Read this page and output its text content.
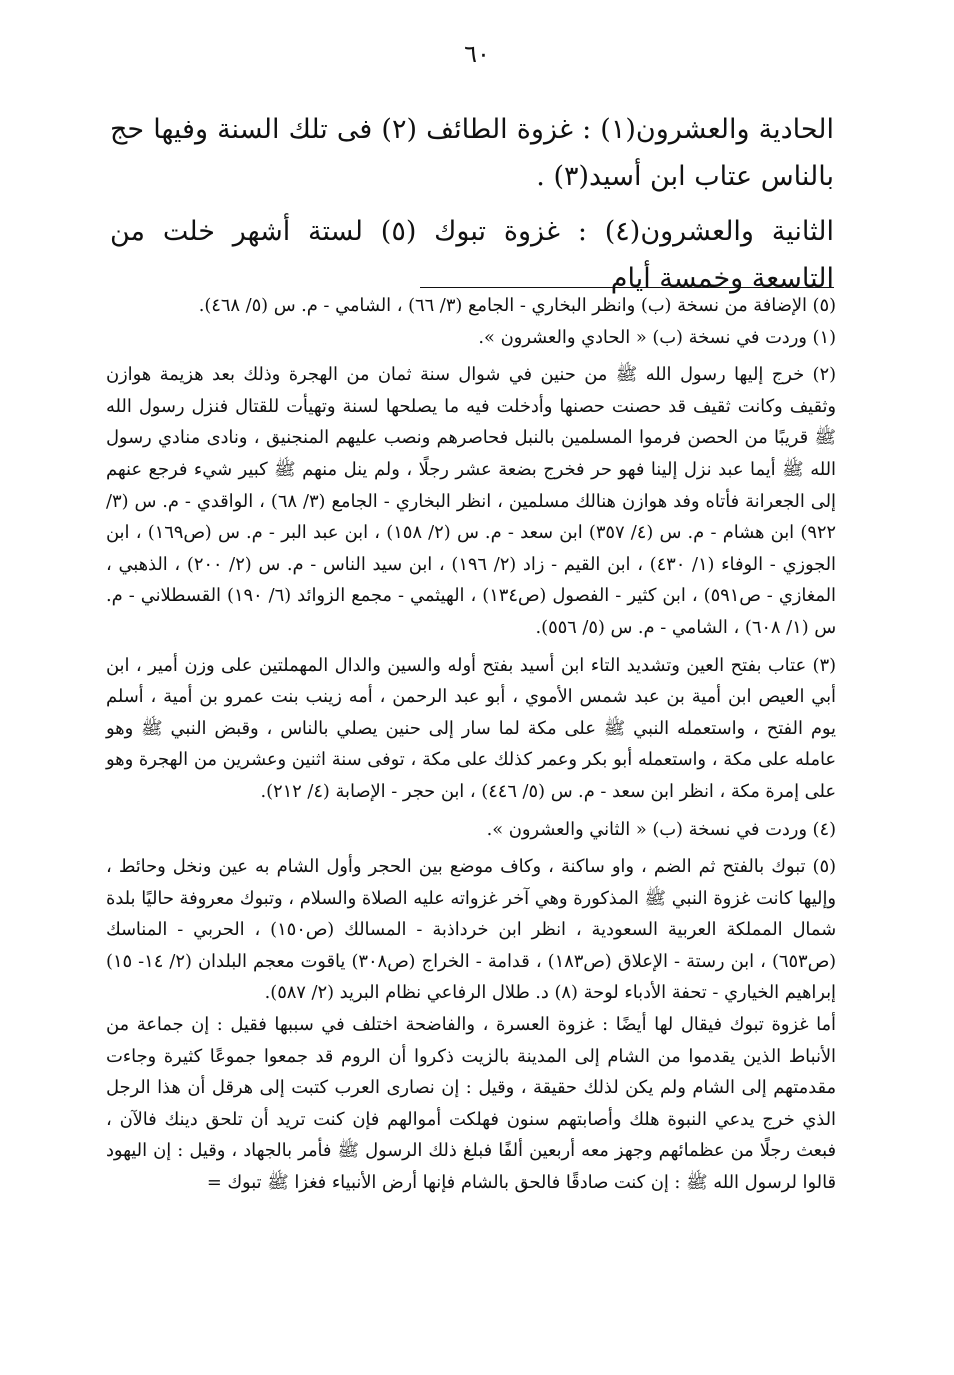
٦٠

الحادية والعشرون(١) : غزوة الطائف (٢) فى تلك السنة وفيها حج بالناس عتاب ابن أسيد(٣) .

الثانية والعشرون(٤) : غزوة تبوك (٥) لستة أشهر خلت من التاسعة وخمسة أيام

(٥) الإضافة من نسخة (ب) وانظر البخاري - الجامع (٣/ ٦٦) ، الشامي - م. س (٥/ ٤٦٨).

(١) وردت في نسخة (ب) « الحادي والعشرون ».

(٢) خرج إليها رسول الله ﷺ من حنين في شوال سنة ثمان من الهجرة وذلك بعد هزيمة هوازن وثقيف وكانت ثقيف قد حصنت حصنها وأدخلت فيه ما يصلحها لسنة وتهيأت للقتال فنزل رسول الله ﷺ قريبًا من الحصن فرموا المسلمين بالنبل فحاصرهم ونصب عليهم المنجنيق ، ونادى منادي رسول الله ﷺ أيما عبد نزل إلينا فهو حر فخرج بضعة عشر رجلًا ، ولم ينل منهم ﷺ كبير شيء فرجع عنهم إلى الجعرانة فأتاه وفد هوازن هنالك مسلمين ، انظر البخاري - الجامع (٣/ ٦٨) ، الواقدي - م. س (٣/ ٩٢٢) ابن هشام - م. س (٤/ ٣٥٧) ابن سعد - م. س (٢/ ١٥٨) ، ابن عبد البر - م. س (ص١٦٩) ، ابن الجوزي - الوفاء (١/ ٤٣٠) ، ابن القيم - زاد (٢/ ١٩٦) ، ابن سيد الناس - م. س (٢/ ٢٠٠) ، الذهبي ، المغازي - ص٥٩١) ، ابن كثير - الفصول (ص١٣٤) ، الهيثمي - مجمع الزوائد (٦/ ١٩٠) القسطلاني - م. س (١/ ٦٠٨) ، الشامي - م. س (٥/ ٥٥٦).

(٣) عتاب بفتح العين وتشديد التاء ابن أسيد بفتح أوله والسين والدال المهملتين على وزن أمير ، ابن أبي العيص ابن أمية بن عبد شمس الأموي ، أبو عبد الرحمن ، أمه زينب بنت عمرو بن أمية ، أسلم يوم الفتح ، واستعمله النبي ﷺ على مكة لما سار إلى حنين يصلي بالناس ، وقبض النبي ﷺ وهو عامله على مكة ، واستعمله أبو بكر وعمر كذلك على مكة ، توفى سنة اثنين وعشرين من الهجرة وهو على إمرة مكة ، انظر ابن سعد - م. س (٥/ ٤٤٦) ، ابن حجر - الإصابة (٤/ ٢١٢).

(٤) وردت في نسخة (ب) « الثاني والعشرون ».

(٥) تبوك بالفتح ثم الضم ، واو ساكنة ، وكاف موضع بين الحجر وأول الشام به عين ونخل وحائط ، وإليها كانت غزوة النبي ﷺ المذكورة وهي آخر غزواته عليه الصلاة والسلام ، وتبوك معروفة حاليًا بلدة شمال المملكة العربية السعودية ، انظر ابن خرداذبة - المسالك (ص١٥٠) ، الحربي - المناسك (ص٦٥٣) ، ابن رستة - الإعلاق (ص١٨٣) ، قدامة - الخراج (ص٣٠٨) ياقوت معجم البلدان (٢/ ١٤- ١٥) إبراهيم الخياري - تحفة الأدباء لوحة (٨) د. طلال الرفاعي نظام البريد (٢/ ٥٨٧).

أما غزوة تبوك فيقال لها أيضًا : غزوة العسرة ، والفاضحة اختلف في سببها فقيل : إن جماعة من الأنباط الذين يقدموا من الشام إلى المدينة بالزيت ذكروا أن الروم قد جمعوا جموعًا كثيرة وجاءت مقدمتهم إلى الشام ولم يكن لذلك حقيقة ، وقيل : إن نصارى العرب كتبت إلى هرقل أن هذا الرجل الذي خرج يدعي النبوة هلك وأصابتهم سنون فهلكت أموالهم فإن كنت تريد أن تلحق دينك فالآن ، فبعث رجلًا من عظمائهم وجهز معه أربعين ألفًا فبلغ ذلك الرسول ﷺ فأمر بالجهاد ، وقيل : إن اليهود قالوا لرسول الله ﷺ : إن كنت صادقًا فالحق بالشام فإنها أرض الأنبياء فغزا ﷺ تبوك =
